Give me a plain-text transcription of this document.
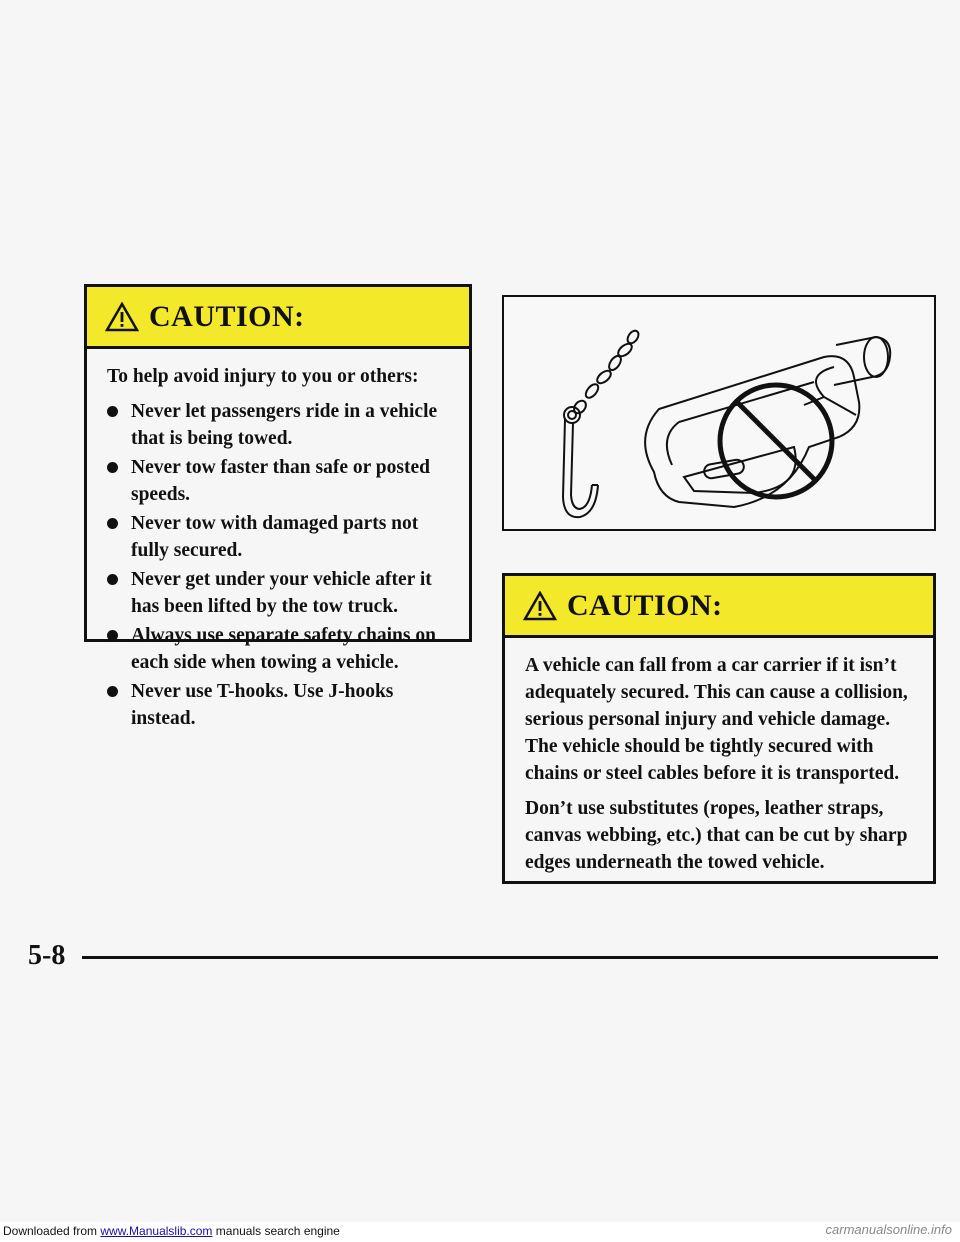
CAUTION:

To help avoid injury to you or others:

Never let passengers ride in a vehicle that is being towed.
Never tow faster than safe or posted speeds.
Never tow with damaged parts not fully secured.
Never get under your vehicle after it has been lifted by the tow truck.
Always use separate safety chains on each side when towing a vehicle.
Never use T-hooks. Use J-hooks instead.
CAUTION:

A vehicle can fall from a car carrier if it isn’t adequately secured. This can cause a collision, serious personal injury and vehicle damage. The vehicle should be tightly secured with chains or steel cables before it is transported.

Don’t use substitutes (ropes, leather straps, canvas webbing, etc.) that can be cut by sharp edges underneath the towed vehicle.

5-8
Downloaded from www.Manualslib.com manuals search engine	carmanualsonline.info
